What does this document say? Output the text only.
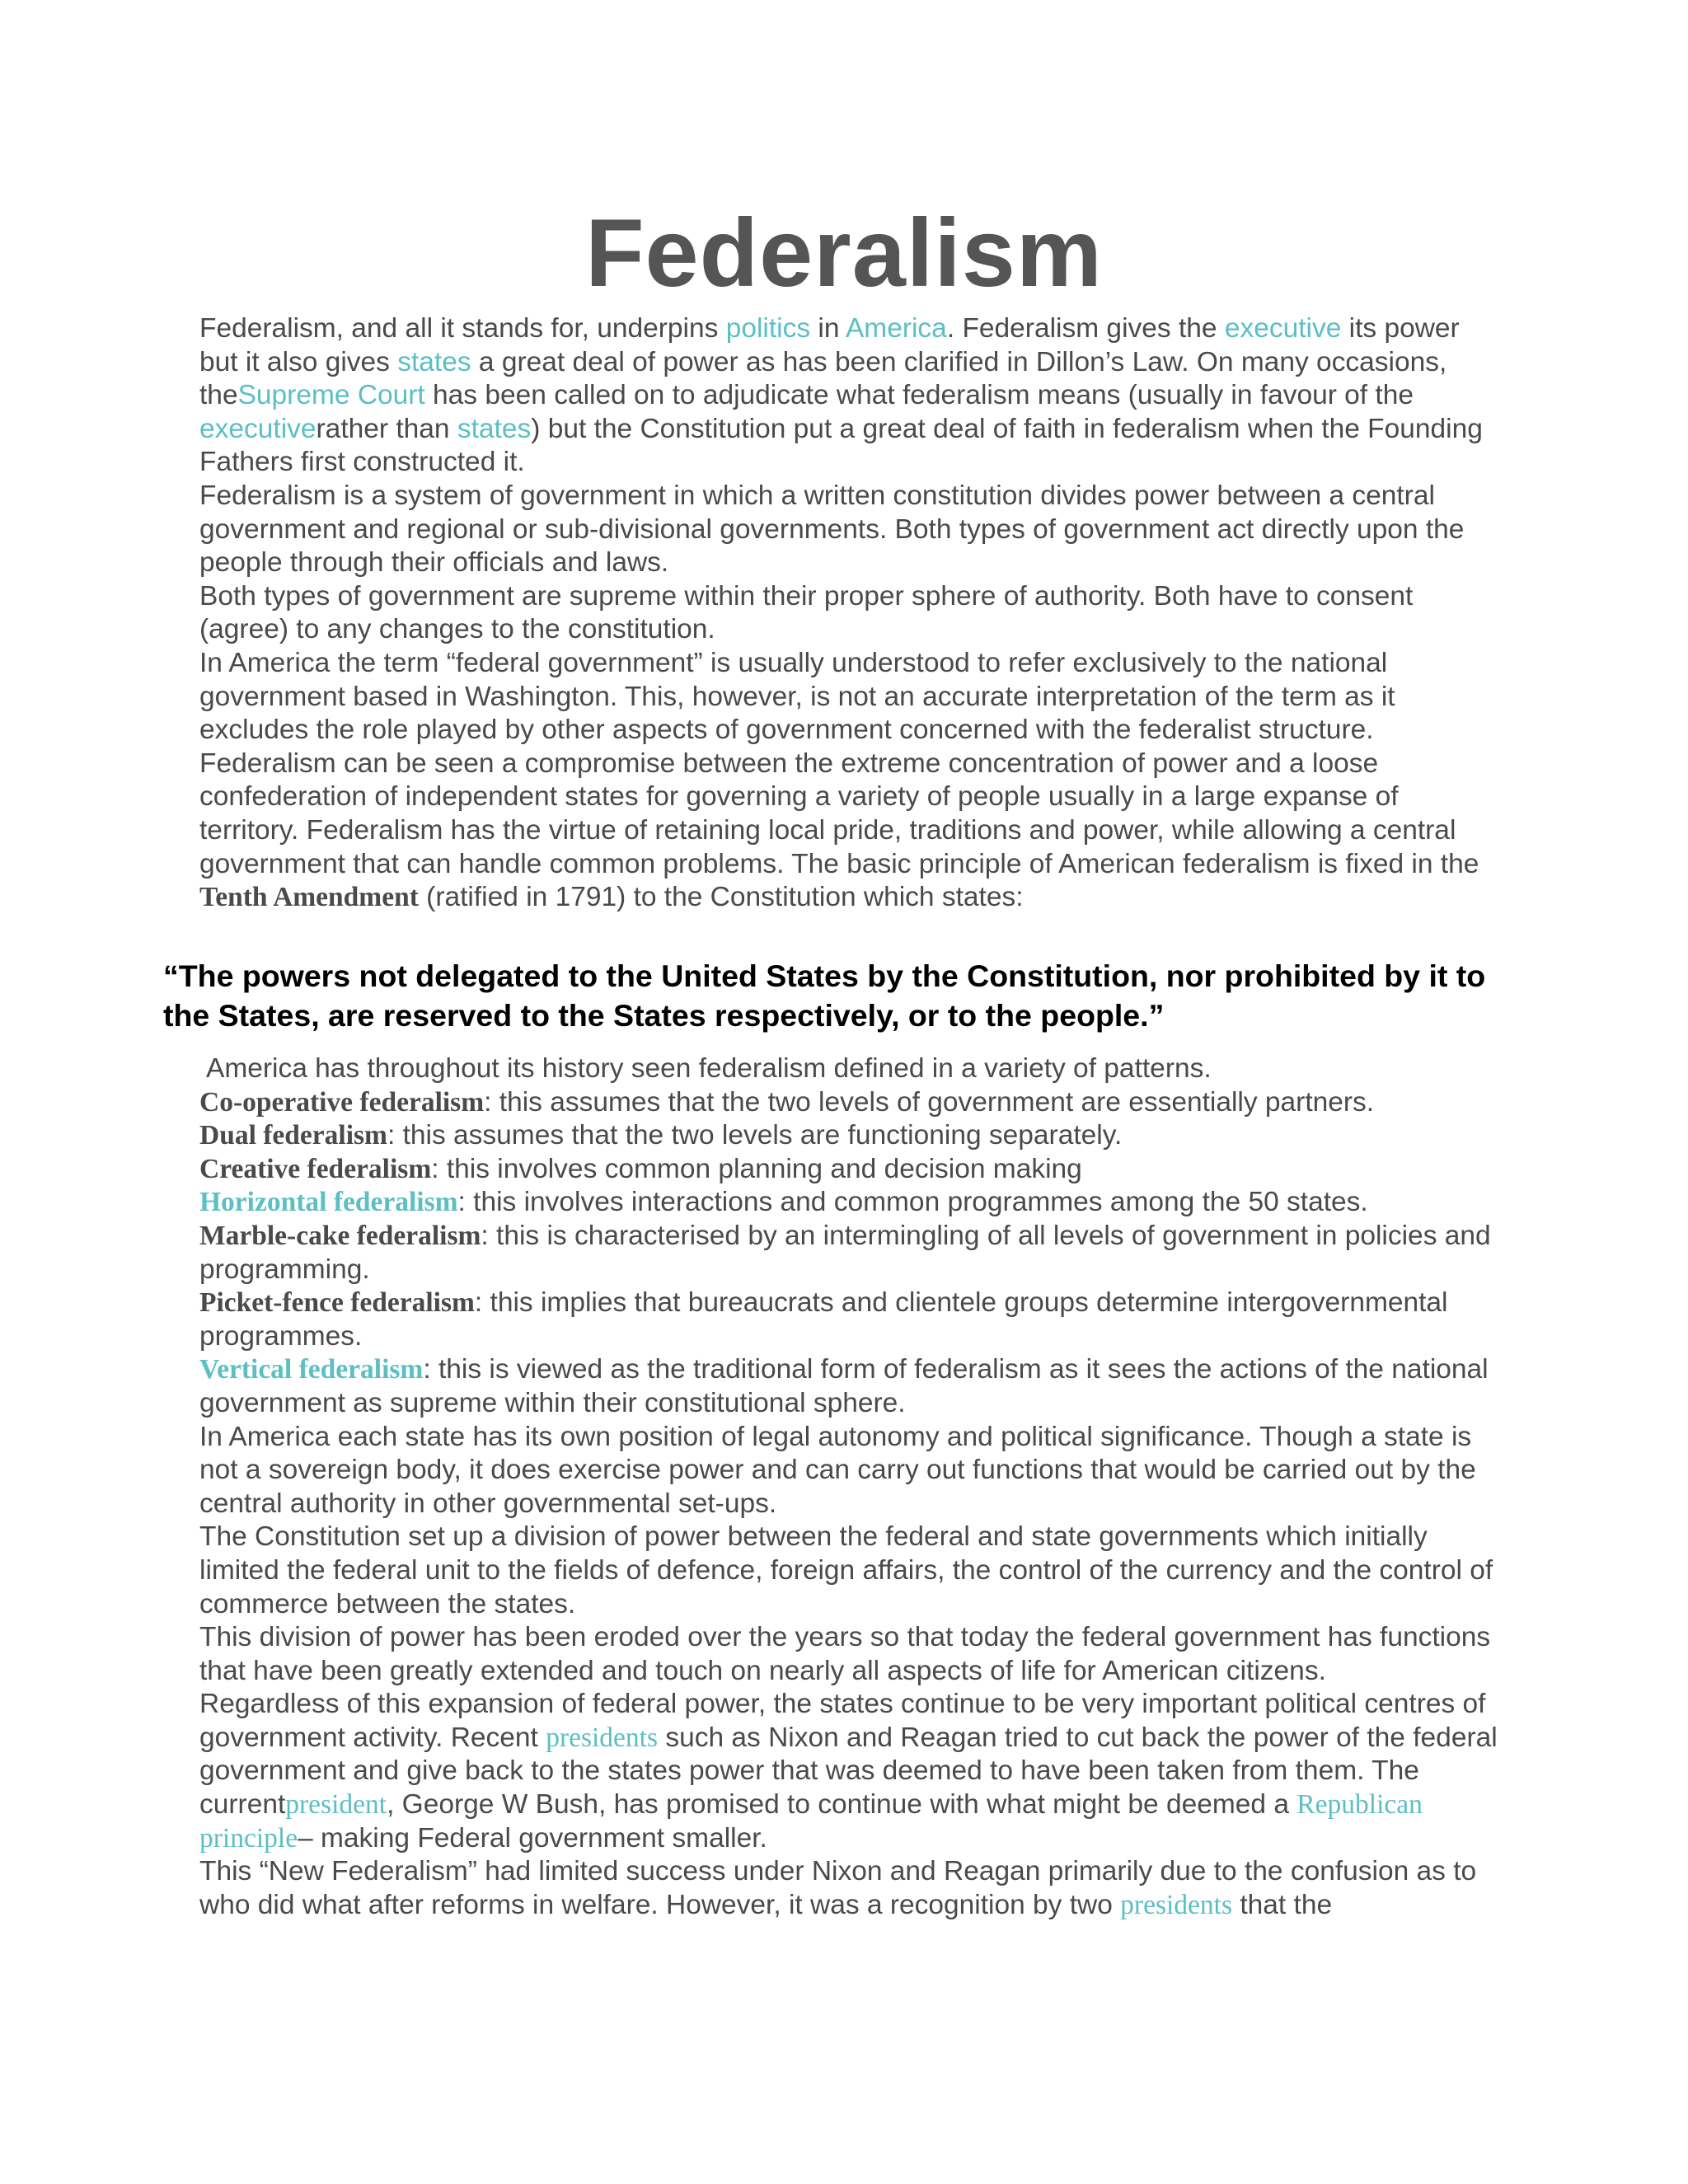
Federalism

Federalism, and all it stands for, underpins politics in America. Federalism gives the executive its power but it also gives states a great deal of power as has been clarified in Dillon’s Law. On many occasions, theSupreme Court has been called on to adjudicate what federalism means (usually in favour of the executiverather than states) but the Constitution put a great deal of faith in federalism when the Founding Fathers first constructed it.

Federalism is a system of government in which a written constitution divides power between a central government and regional or sub-divisional governments. Both types of government act directly upon the people through their officials and laws.

Both types of government are supreme within their proper sphere of authority. Both have to consent (agree) to any changes to the constitution.

In America the term “federal government” is usually understood to refer exclusively to the national government based in Washington. This, however, is not an accurate interpretation of the term as it excludes the role played by other aspects of government concerned with the federalist structure.

Federalism can be seen a compromise between the extreme concentration of power and a loose confederation of independent states for governing a variety of people usually in a large expanse of territory. Federalism has the virtue of retaining local pride, traditions and power, while allowing a central government that can handle common problems. The basic principle of American federalism is fixed in the Tenth Amendment (ratified in 1791) to the Constitution which states:

“The powers not delegated to the United States by the Constitution, nor prohibited by it to the States, are reserved to the States respectively, or to the people.”

America has throughout its history seen federalism defined in a variety of patterns.

Co-operative federalism: this assumes that the two levels of government are essentially partners.

Dual federalism: this assumes that the two levels are functioning separately.

Creative federalism: this involves common planning and decision making

Horizontal federalism: this involves interactions and common programmes among the 50 states.

Marble-cake federalism: this is characterised by an intermingling of all levels of government in policies and programming.

Picket-fence federalism: this implies that bureaucrats and clientele groups determine intergovernmental programmes.

Vertical federalism: this is viewed as the traditional form of federalism as it sees the actions of the national government as supreme within their constitutional sphere.

In America each state has its own position of legal autonomy and political significance. Though a state is not a sovereign body, it does exercise power and can carry out functions that would be carried out by the central authority in other governmental set-ups.

The Constitution set up a division of power between the federal and state governments which initially limited the federal unit to the fields of defence, foreign affairs, the control of the currency and the control of commerce between the states.

This division of power has been eroded over the years so that today the federal government has functions that have been greatly extended and touch on nearly all aspects of life for American citizens.

Regardless of this expansion of federal power, the states continue to be very important political centres of government activity. Recent presidents such as Nixon and Reagan tried to cut back the power of the federal government and give back to the states power that was deemed to have been taken from them. The currentpresident, George W Bush, has promised to continue with what might be deemed a Republican principle– making Federal government smaller.

This “New Federalism” had limited success under Nixon and Reagan primarily due to the confusion as to who did what after reforms in welfare. However, it was a recognition by two presidents that the
